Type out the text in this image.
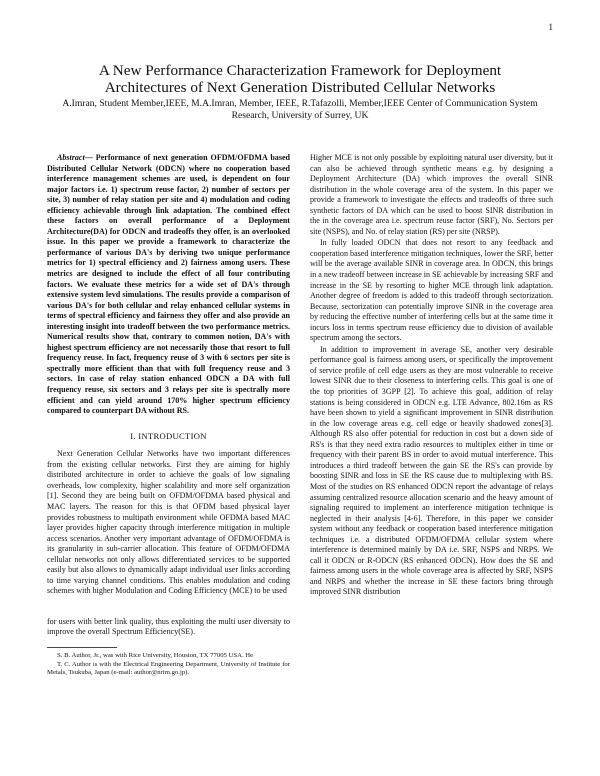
1
A New Performance Characterization Framework for Deployment Architectures of Next Generation Distributed Cellular Networks
A.Imran, Student Member,IEEE, M.A.Imran, Member, IEEE, R.Tafazolli, Member,IEEE Center of Communication System Research, University of Surrey, UK

Abstract— Performance of next generation OFDM/OFDMA based Distributed Cellular Network (ODCN) where no cooperation based interference management schemes are used, is dependent on four major factors i.e. 1) spectrum reuse factor, 2) number of sectors per site, 3) number of relay station per site and 4) modulation and coding efficiency achievable through link adaptation. The combined effect these factors on overall performance of a Deployment Architecture(DA) for ODCN and tradeoffs they offer, is an overlooked issue. In this paper we provide a framework to characterize the performance of various DA's by deriving two unique performance metrics for 1) spectral efficiency and 2) fairness among users. These metrics are designed to include the effect of all four contributing factors. We evaluate these metrics for a wide set of DA's through extensive system levd simulations. The results provide a comparison of various DA's for both cellular and relay enhanced cellular systems in terms of spectral efficiency and fairness they offer and also provide an interesting insight into tradeoff between the two performance metrics. Numerical results show that, contrary to common notion, DA's with highest spectrum efficiency are not necessarily those that resort to full frequency reuse. In fact, frequency reuse of 3 with 6 sectors per site is spectrally more efficient than that with full frequency reuse and 3 sectors. In case of relay station enhanced ODCN a DA with full frequency reuse, six sectors and 3 relays per site is spectrally more efficient and can yield around 170% higher spectrum efficiency compared to counterpart DA without RS.

I. INTRODUCTION

Next Generation Cellular Networks have two important differences from the existing cellular networks. First they are aiming for highly distributed architecture in order to achieve the goals of low signaling overheads, low complexity, higher scalability and more self organization [1]. Second they are being built on OFDM/OFDMA based physical and MAC layers. The reason for this is that OFDM based physical layer provides robustness to multipath environment while OFDMA based MAC layer provides higher capacity through interference mitigation in multiple access scenarios. Another very important advantage of OFDM/OFDMA is its granularity in sub-carrier allocation. This feature of OFDM/OFDMA cellular networks not only allows differentiated services to be supported easily but also allows to dynamically adapt individual user links according to time varying channel conditions. This enables modulation and coding schemes with higher Modulation and Coding Efficiency (MCE) to be used

for users with better link quality, thus exploiting the multi user diversity to improve the overall Spectrum Efficiency(SE).

S. B. Author, Jr., was with Rice University, Houston, TX 77005 USA. He

T. C. Author is with the Electrical Engineering Department, University of Institute for Metals, Tsukuba, Japan (e-mail: author@nrim.go.jp).

Higher MCE is not only possible by exploiting natural user diversity, but it can also be achieved through synthetic means e.g. by designing a Deployment Architecture (DA) which improves the overall SINR distribution in the whole coverage area of the system. In this paper we provide a framework to investigate the effects and tradeoffs of three such synthetic factors of DA which can be used to boost SINR distribution in the in the coverage area i.e. spectrum reuse factor (SRF), No. Sectors per site (NSPS), and No. of relay station (RS) per site (NRSP).

In fully loaded ODCN that does not resort to any feedback and cooperation based interference mitigation techniques, lower the SRF, better will be the average available SINR in coverage area. In ODCN, this brings in a new tradeoff between increase in SE achievable by increasing SRF and increase in the SE by resorting to higher MCE through link adaptation. Another degree of freedom is added to this tradeoff through sectorization. Because, sectorization can potentially improve SINR in the coverage area by reducing the effective number of interfering cells but at the same time it incurs loss in terms spectrum reuse efficiency due to division of available spectrum among the sectors.

In addition to improvement in average SE, another very desirable performance goal is fairness among users, or specifically the improvement of service profile of cell edge users as they are most vulnerable to receive lowest SINR due to their closeness to interfering cells. This goal is one of the top priorities of 3GPP [2]. To achieve this goal, addition of relay stations is being considered in ODCN e.g. LTE Advance, 802.16m as RS have been shown to yield a significant improvement in SINR distribution in the low coverage areas e.g. cell edge or heavily shadowed zones[3]. Although RS also offer potential for reduction in cost but a down side of RS's is that they need extra radio resources to multiplex either in time or frequency with their parent BS in order to avoid mutual interference. This introduces a third tradeoff between the gain SE the RS's can provide by boosting SINR and loss in SE the RS cause due to multiplexing with BS. Most of the studies on RS enhanced ODCN report the advantage of relays assuming centralized resource allocation scenario and the heavy amount of signaling required to implement an interference mitigation technique is neglected in their analysis [4-6]. Therefore, in this paper we consider system without any feedback or cooperation based interference mitigation techniques i.e. a distributed OFDM/OFDMA cellular system where interference is determined mainly by DA i.e. SRF, NSPS and NRPS. We call it ODCN or R-ODCN (RS enhanced ODCN). How does the SE and fairness among users in the whole coverage area is affected by SRF, NSPS and NRPS and whether the increase in SE these factors bring through improved SINR distribution
